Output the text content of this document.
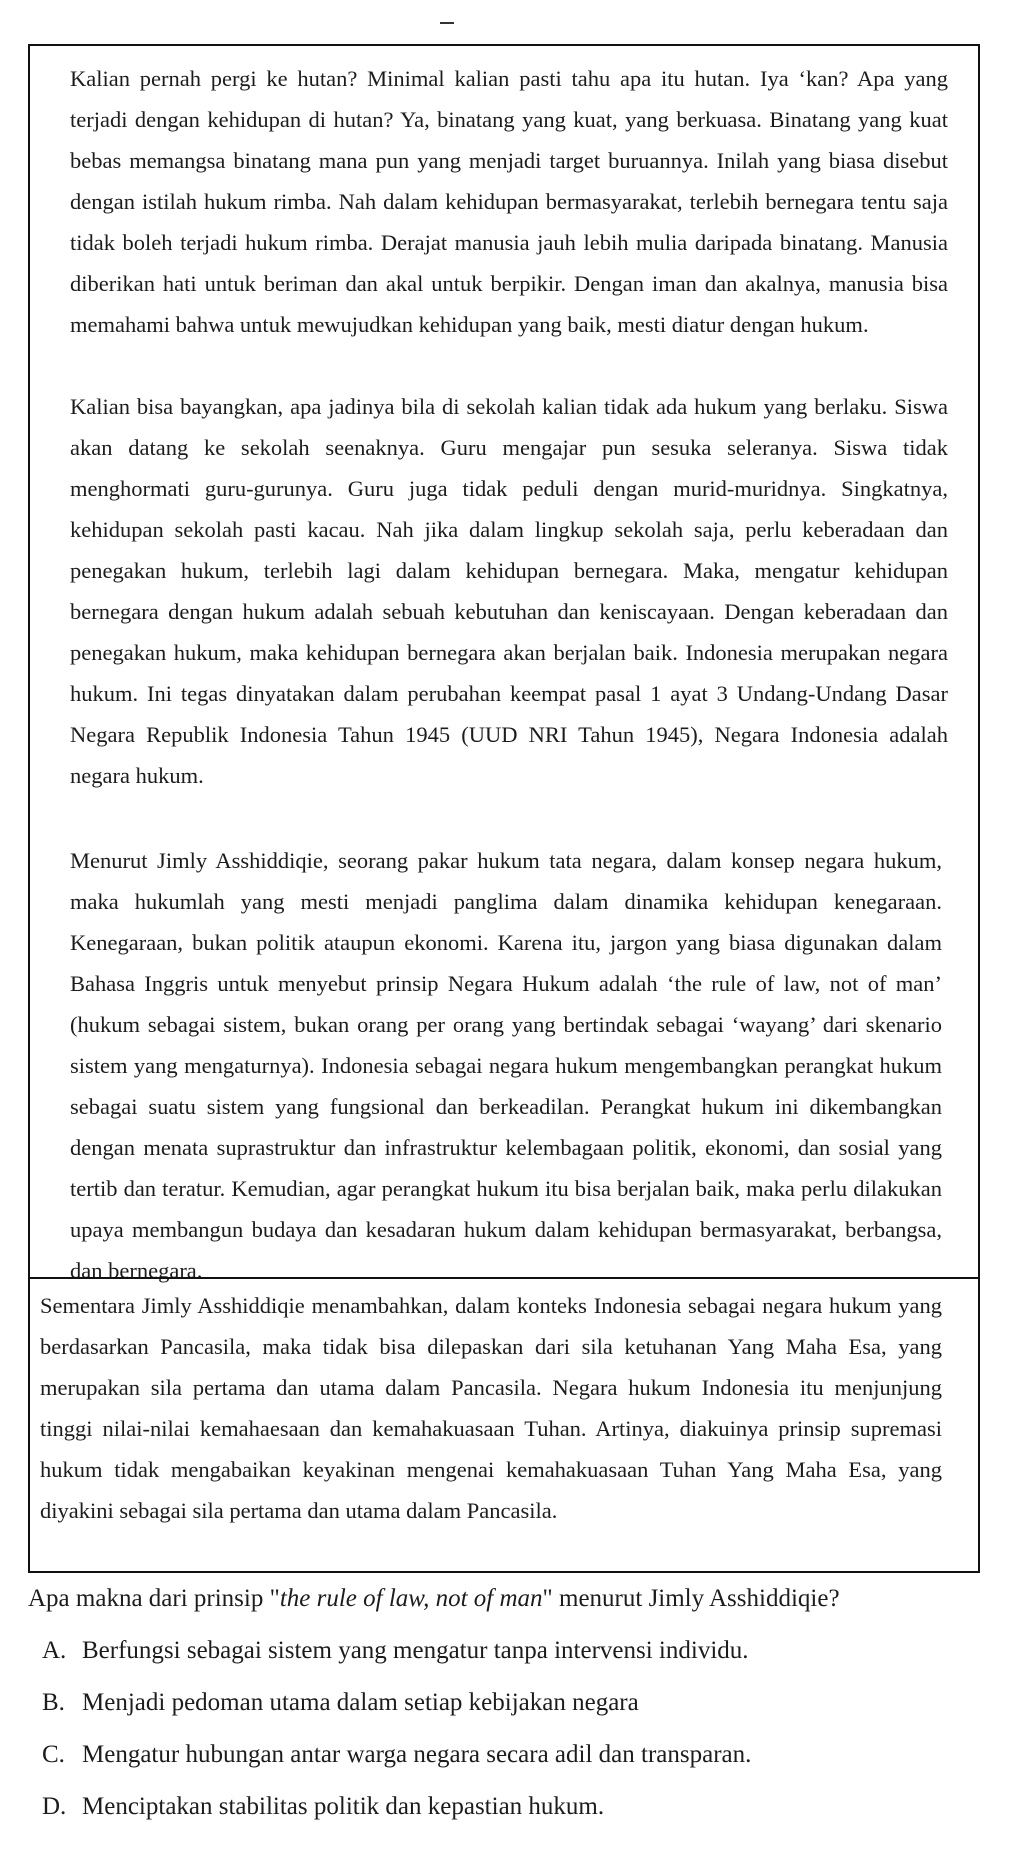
Kalian pernah pergi ke hutan? Minimal kalian pasti tahu apa itu hutan. Iya ‘kan? Apa yang terjadi dengan kehidupan di hutan? Ya, binatang yang kuat, yang berkuasa. Binatang yang kuat bebas memangsa binatang mana pun yang menjadi target buruannya. Inilah yang biasa disebut dengan istilah hukum rimba. Nah dalam kehidupan bermasyarakat, terlebih bernegara tentu saja tidak boleh terjadi hukum rimba. Derajat manusia jauh lebih mulia daripada binatang. Manusia diberikan hati untuk beriman dan akal untuk berpikir. Dengan iman dan akalnya, manusia bisa memahami bahwa untuk mewujudkan kehidupan yang baik, mesti diatur dengan hukum.

Kalian bisa bayangkan, apa jadinya bila di sekolah kalian tidak ada hukum yang berlaku. Siswa akan datang ke sekolah seenaknya. Guru mengajar pun sesuka seleranya. Siswa tidak menghormati guru-gurunya. Guru juga tidak peduli dengan murid-muridnya. Singkatnya, kehidupan sekolah pasti kacau. Nah jika dalam lingkup sekolah saja, perlu keberadaan dan penegakan hukum, terlebih lagi dalam kehidupan bernegara. Maka, mengatur kehidupan bernegara dengan hukum adalah sebuah kebutuhan dan keniscayaan. Dengan keberadaan dan penegakan hukum, maka kehidupan bernegara akan berjalan baik. Indonesia merupakan negara hukum. Ini tegas dinyatakan dalam perubahan keempat pasal 1 ayat 3 Undang-Undang Dasar Negara Republik Indonesia Tahun 1945 (UUD NRI Tahun 1945), Negara Indonesia adalah negara hukum.

Menurut Jimly Asshiddiqie, seorang pakar hukum tata negara, dalam konsep negara hukum, maka hukumlah yang mesti menjadi panglima dalam dinamika kehidupan kenegaraan. Kenegaraan, bukan politik ataupun ekonomi. Karena itu, jargon yang biasa digunakan dalam Bahasa Inggris untuk menyebut prinsip Negara Hukum adalah ‘the rule of law, not of man’ (hukum sebagai sistem, bukan orang per orang yang bertindak sebagai ‘wayang’ dari skenario sistem yang mengaturnya). Indonesia sebagai negara hukum mengembangkan perangkat hukum sebagai suatu sistem yang fungsional dan berkeadilan. Perangkat hukum ini dikembangkan dengan menata suprastruktur dan infrastruktur kelembagaan politik, ekonomi, dan sosial yang tertib dan teratur. Kemudian, agar perangkat hukum itu bisa berjalan baik, maka perlu dilakukan upaya membangun budaya dan kesadaran hukum dalam kehidupan bermasyarakat, berbangsa, dan bernegara.

Sementara Jimly Asshiddiqie menambahkan, dalam konteks Indonesia sebagai negara hukum yang berdasarkan Pancasila, maka tidak bisa dilepaskan dari sila ketuhanan Yang Maha Esa, yang merupakan sila pertama dan utama dalam Pancasila. Negara hukum Indonesia itu menjunjung tinggi nilai-nilai kemahaesaan dan kemahakuasaan Tuhan. Artinya, diakuinya prinsip supremasi hukum tidak mengabaikan keyakinan mengenai kemahakuasaan Tuhan Yang Maha Esa, yang diyakini sebagai sila pertama dan utama dalam Pancasila.

Apa makna dari prinsip "the rule of law, not of man" menurut Jimly Asshiddiqie?

A. Berfungsi sebagai sistem yang mengatur tanpa intervensi individu.
B. Menjadi pedoman utama dalam setiap kebijakan negara
C. Mengatur hubungan antar warga negara secara adil dan transparan.
D. Menciptakan stabilitas politik dan kepastian hukum.
